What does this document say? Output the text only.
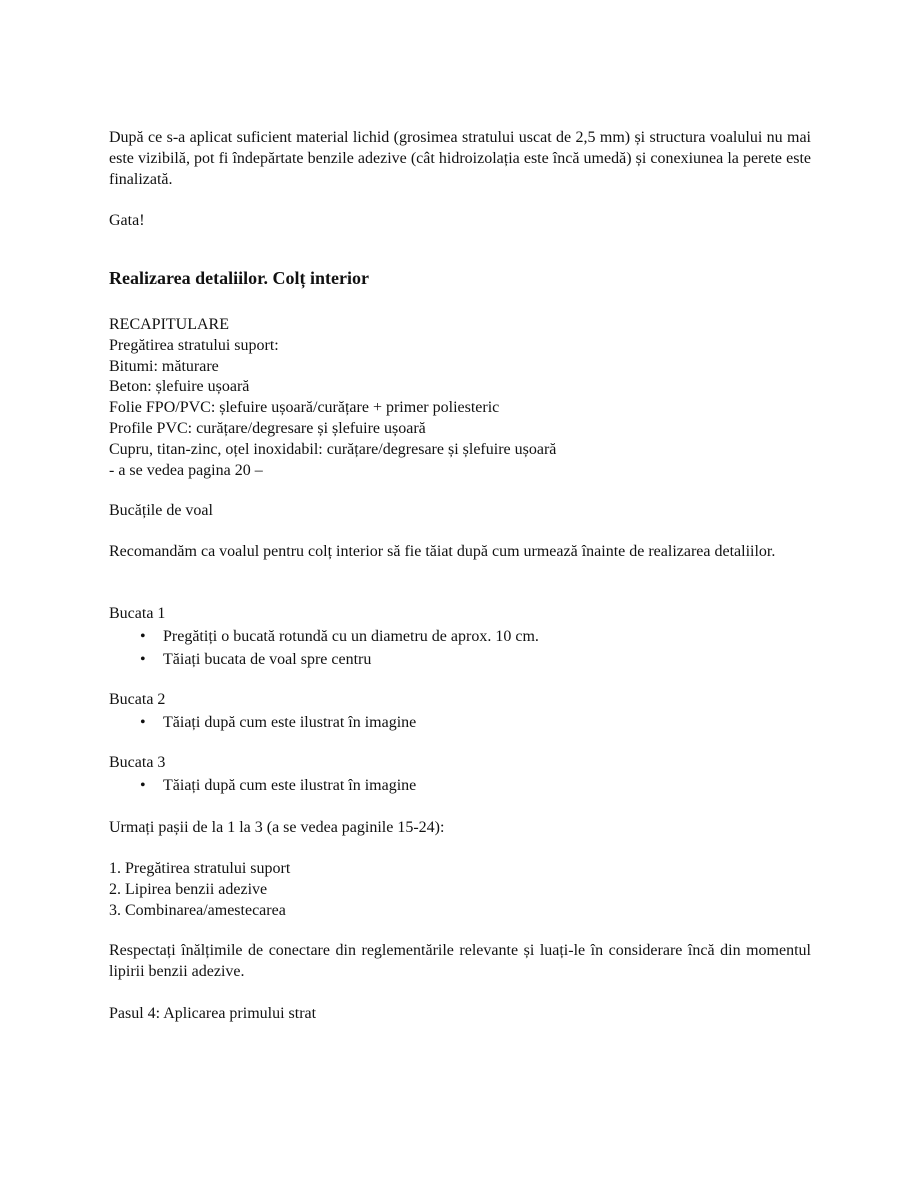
După ce s-a aplicat suficient material lichid (grosimea stratului uscat de 2,5 mm) și structura voalului nu mai este vizibilă, pot fi îndepărtate benzile adezive (cât hidroizolația este încă umedă) și conexiunea la perete este finalizată.
Gata!
Realizarea detaliilor. Colț interior
RECAPITULARE
Pregătirea stratului suport:
Bitumi: măturare
Beton: șlefuire ușoară
Folie FPO/PVC: șlefuire ușoară/curățare + primer poliesteric
Profile PVC: curățare/degresare și șlefuire ușoară
Cupru, titan-zinc, oțel inoxidabil: curățare/degresare și șlefuire ușoară
- a se vedea pagina 20 –
Bucățile de voal
Recomandăm ca voalul pentru colț interior să fie tăiat după cum urmează înainte de realizarea detaliilor.
Bucata 1
• Pregătiți o bucată rotundă cu un diametru de aprox. 10 cm.
• Tăiați bucata de voal spre centru
Bucata 2
• Tăiați după cum este ilustrat în imagine
Bucata 3
• Tăiați după cum este ilustrat în imagine
Urmați pașii de la 1 la 3 (a se vedea paginile 15-24):
1. Pregătirea stratului suport
2. Lipirea benzii adezive
3. Combinarea/amestecarea
Respectați înălțimile de conectare din reglementările relevante și luați-le în considerare încă din momentul lipirii benzii adezive.
Pasul 4: Aplicarea primului strat
